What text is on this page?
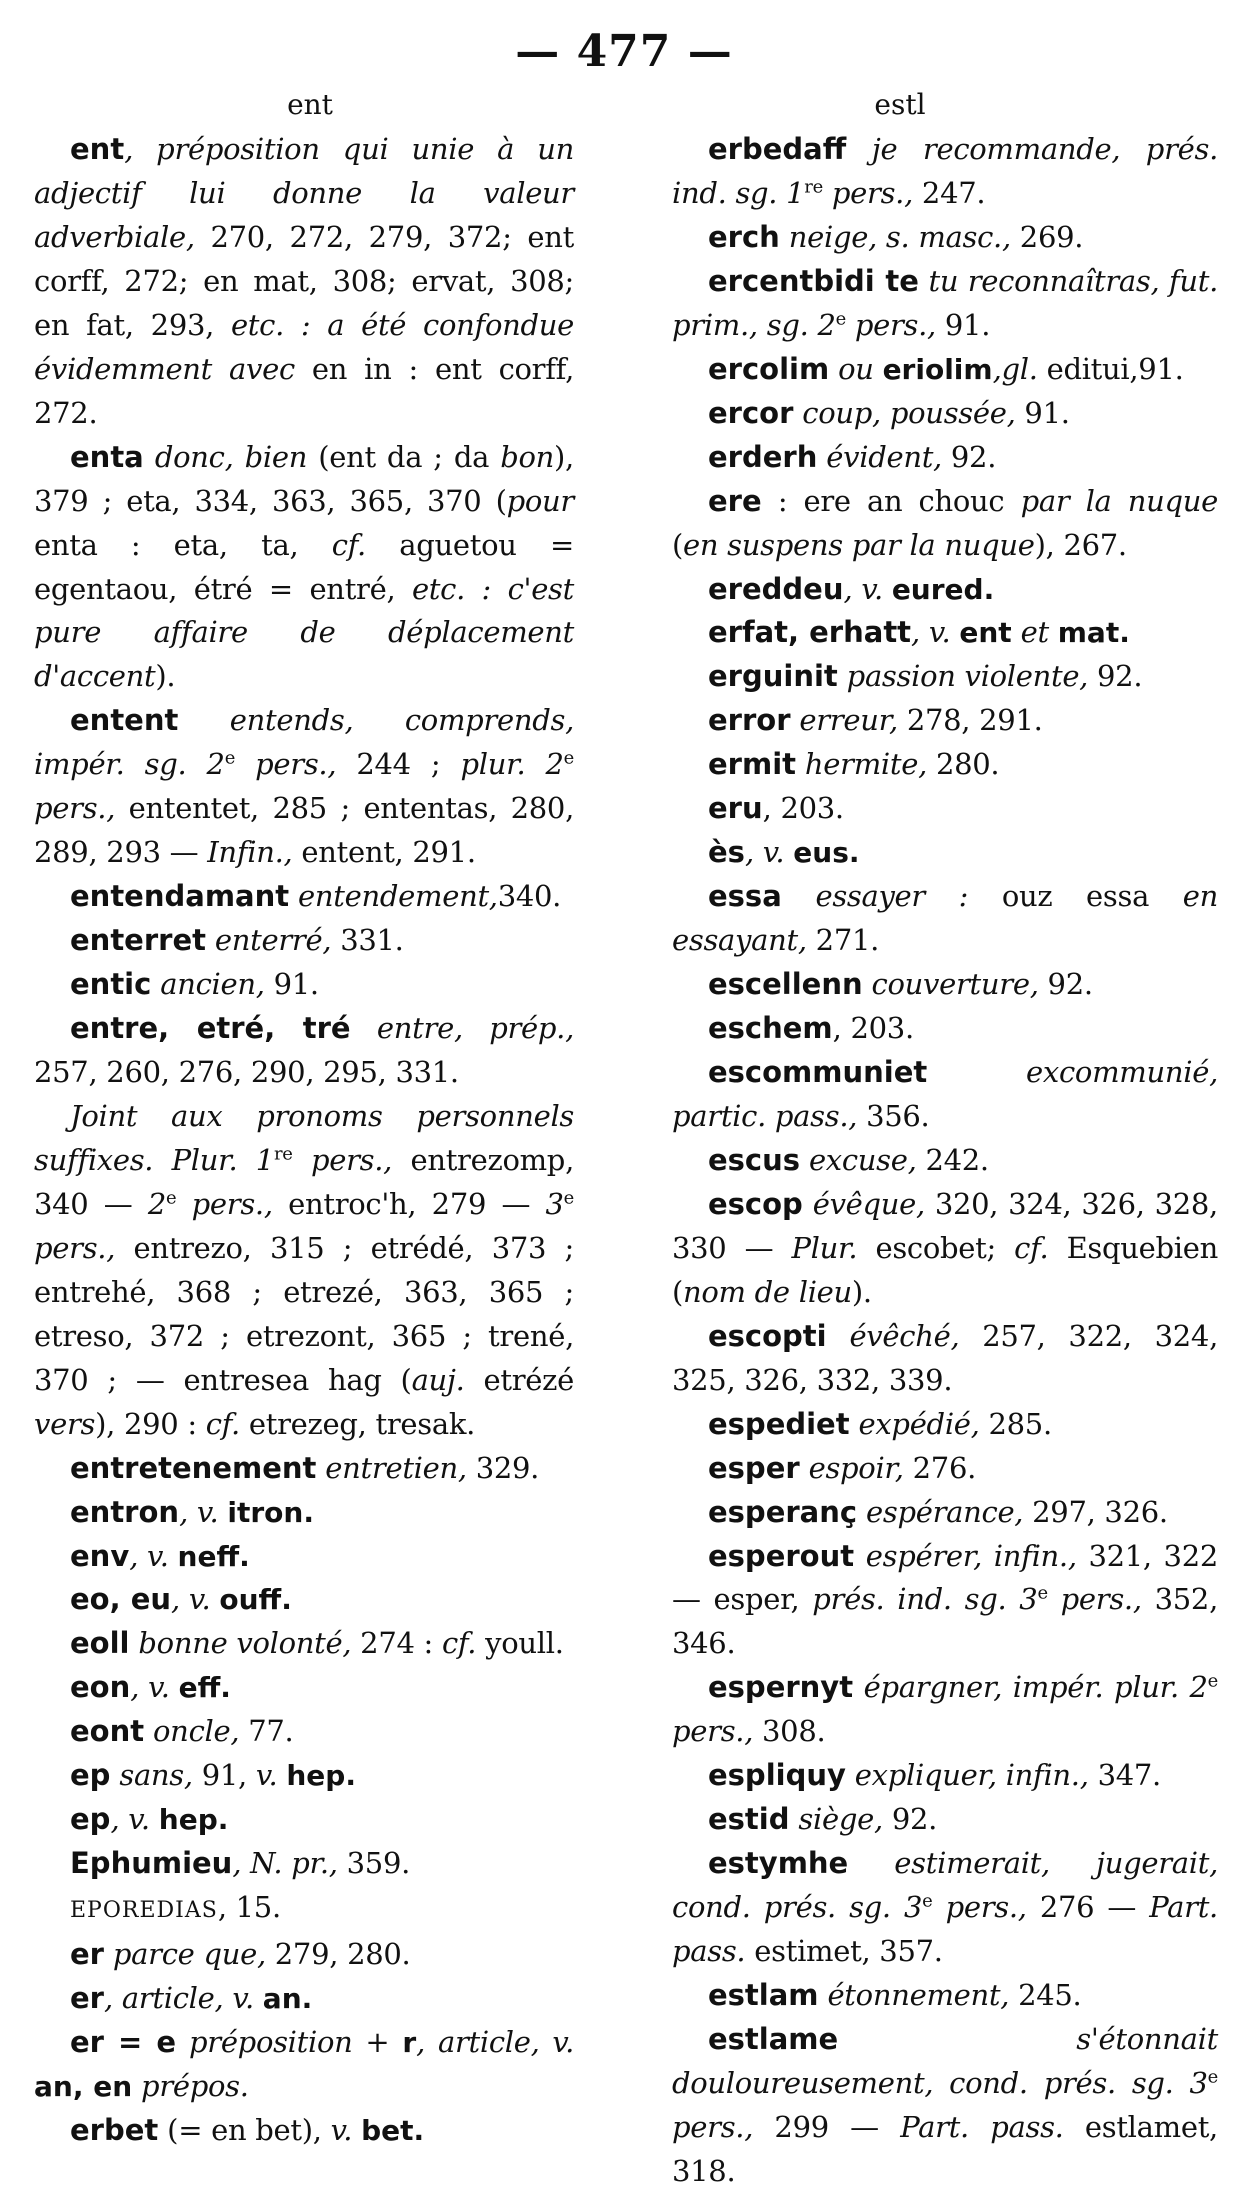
— 477 —
ent	estl

ent, préposition qui unie à un adjectif lui donne la valeur adverbiale, 270, 272, 279, 372; ent corff, 272; en mat, 308; ervat, 308; en fat, 293, etc. : a été confondue évidemment avec en in : ent corff, 272.

enta donc, bien (ent da ; da bon), 379 ; eta, 334, 363, 365, 370 (pour enta : eta, ta, cf. aguetou = egentaou, étré = entré, etc. : c'est pure affaire de déplacement d'accent).

entent entends, comprends, impér. sg. 2e pers., 244 ; plur. 2e pers., ententet, 285 ; ententas, 280, 289, 293 — Infin., entent, 291.

entendamant entendement,340.

enterret enterré, 331.

entic ancien, 91.

entre, etré, tré entre, prép., 257, 260, 276, 290, 295, 331.

Joint aux pronoms personnels suffixes. Plur. 1re pers., entrezomp, 340 — 2e pers., entroc'h, 279 — 3e pers., entrezo, 315 ; etrédé, 373 ; entrehé, 368 ; etrezé, 363, 365 ; etreso, 372 ; etrezont, 365 ; trené, 370 ; — entresea hag (auj. etrézé vers), 290 : cf. etrezeg, tresak.

entretenement entretien, 329.

entron, v. itron.

env, v. neff.

eo, eu, v. ouff.

eoll bonne volonté, 274 : cf. youll.

eon, v. eff.

eont oncle, 77.

ep sans, 91, v. hep.

ep, v. hep.

Ephumieu, N. pr., 359.

EPOREDIAS, 15.

er parce que, 279, 280.

er, article, v. an.

er = e préposition + r, article, v. an, en prépos.

erbet (= en bet), v. bet.

erbedaff je recommande, prés. ind. sg. 1re pers., 247.

erch neige, s. masc., 269.

ercentbidi te tu reconnaîtras, fut. prim., sg. 2e pers., 91.

ercolim ou eriolim,gl. editui,91.

ercor coup, poussée, 91.

erderh évident, 92.

ere : ere an chouc par la nuque (en suspens par la nuque), 267.

ereddeu, v. eured.

erfat, erhatt, v. ent et mat.

erguinit passion violente, 92.

error erreur, 278, 291.

ermit hermite, 280.

eru, 203.

ès, v. eus.

essa essayer : ouz essa en essayant, 271.

escellenn couverture, 92.

eschem, 203.

escommuniet excommunié, partic. pass., 356.

escus excuse, 242.

escop évêque, 320, 324, 326, 328, 330 — Plur. escobet; cf. Esquebien (nom de lieu).

escopti évêché, 257, 322, 324, 325, 326, 332, 339.

espediet expédié, 285.

esper espoir, 276.

esperanç espérance, 297, 326.

esperout espérer, infin., 321, 322 — esper, prés. ind. sg. 3e pers., 352, 346.

espernyt épargner, impér. plur. 2e pers., 308.

espliquy expliquer, infin., 347.

estid siège, 92.

estymhe estimerait, jugerait, cond. prés. sg. 3e pers., 276 — Part. pass. estimet, 357.

estlam étonnement, 245.

estlame s'étonnait douloureusement, cond. prés. sg. 3e pers., 299 — Part. pass. estlamet, 318.
